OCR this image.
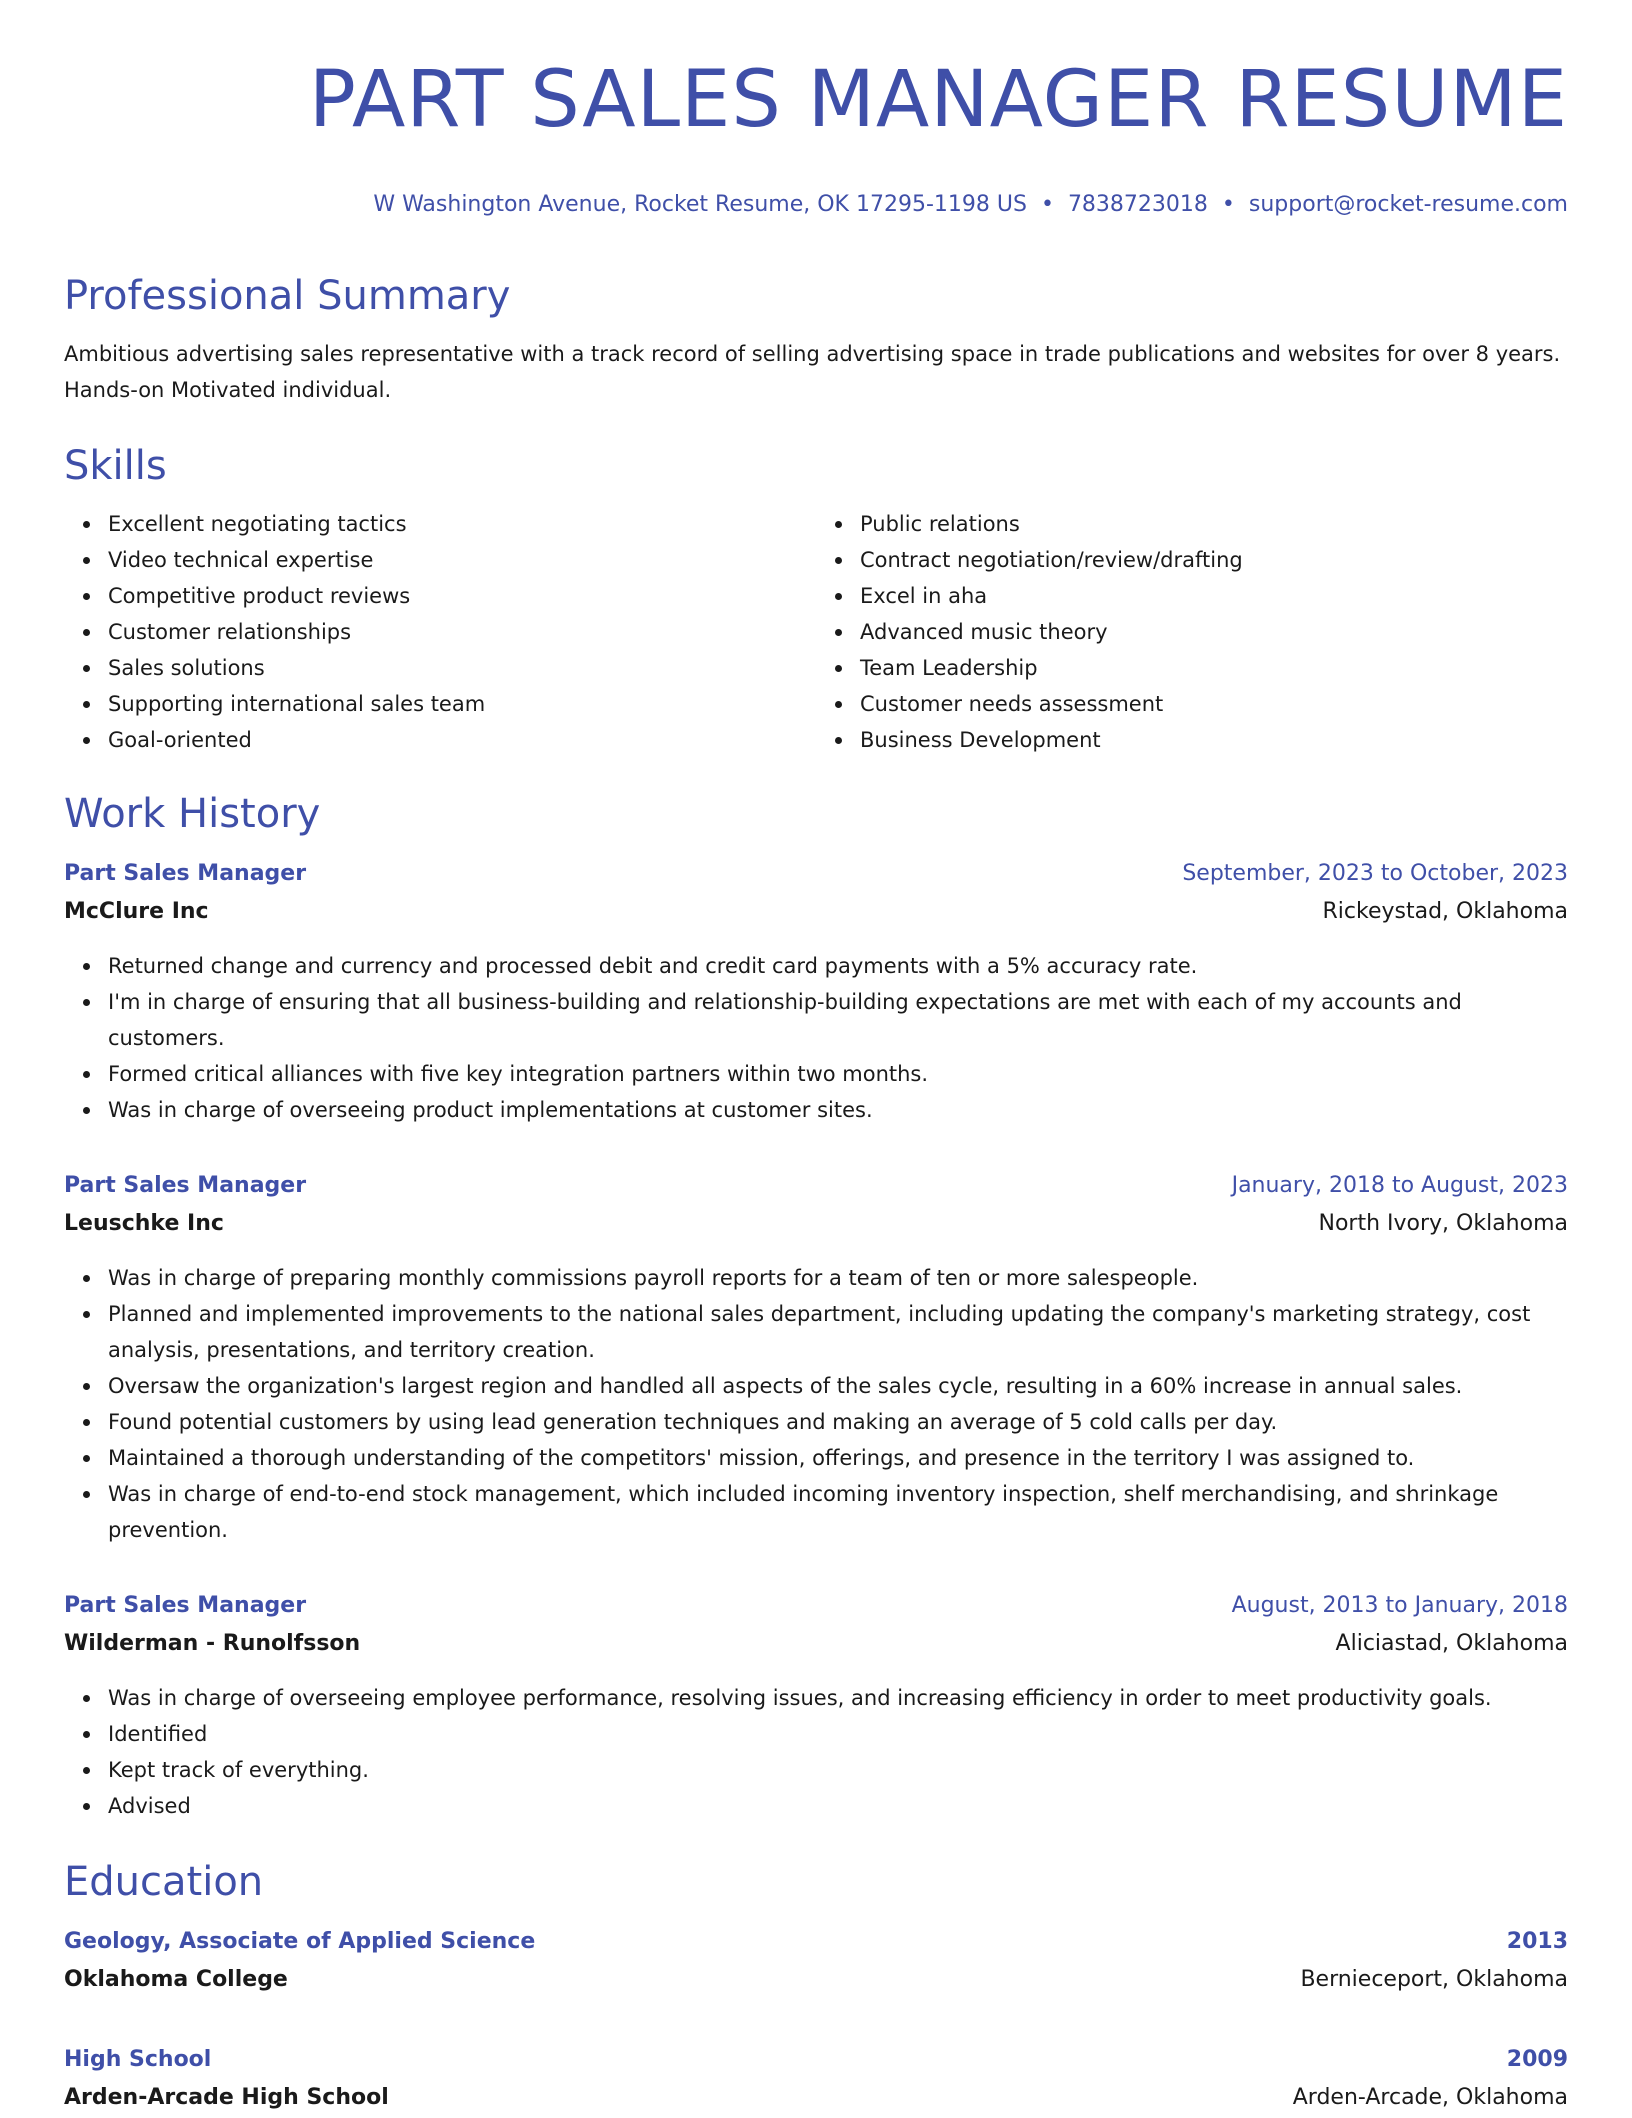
PART SALES MANAGER RESUME
W Washington Avenue, Rocket Resume, OK 17295-1198 US • 7838723018 • support@rocket-resume.com
Professional Summary
Ambitious advertising sales representative with a track record of selling advertising space in trade publications and websites for over 8 years. Hands-on Motivated individual.
Skills
Excellent negotiating tactics
Video technical expertise
Competitive product reviews
Customer relationships
Sales solutions
Supporting international sales team
Goal-oriented
Public relations
Contract negotiation/review/drafting
Excel in aha
Advanced music theory
Team Leadership
Customer needs assessment
Business Development
Work History
Part Sales Manager	September, 2023 to October, 2023
McClure Inc	Rickeystad, Oklahoma
Returned change and currency and processed debit and credit card payments with a 5% accuracy rate.
I'm in charge of ensuring that all business-building and relationship-building expectations are met with each of my accounts and customers.
Formed critical alliances with five key integration partners within two months.
Was in charge of overseeing product implementations at customer sites.
Part Sales Manager	January, 2018 to August, 2023
Leuschke Inc	North Ivory, Oklahoma
Was in charge of preparing monthly commissions payroll reports for a team of ten or more salespeople.
Planned and implemented improvements to the national sales department, including updating the company's marketing strategy, cost analysis, presentations, and territory creation.
Oversaw the organization's largest region and handled all aspects of the sales cycle, resulting in a 60% increase in annual sales.
Found potential customers by using lead generation techniques and making an average of 5 cold calls per day.
Maintained a thorough understanding of the competitors' mission, offerings, and presence in the territory I was assigned to.
Was in charge of end-to-end stock management, which included incoming inventory inspection, shelf merchandising, and shrinkage prevention.
Part Sales Manager	August, 2013 to January, 2018
Wilderman - Runolfsson	Aliciastad, Oklahoma
Was in charge of overseeing employee performance, resolving issues, and increasing efficiency in order to meet productivity goals.
Identified
Kept track of everything.
Advised
Education
Geology, Associate of Applied Science	2013
Oklahoma College	Bernieceport, Oklahoma
High School	2009
Arden-Arcade High School	Arden-Arcade, Oklahoma
